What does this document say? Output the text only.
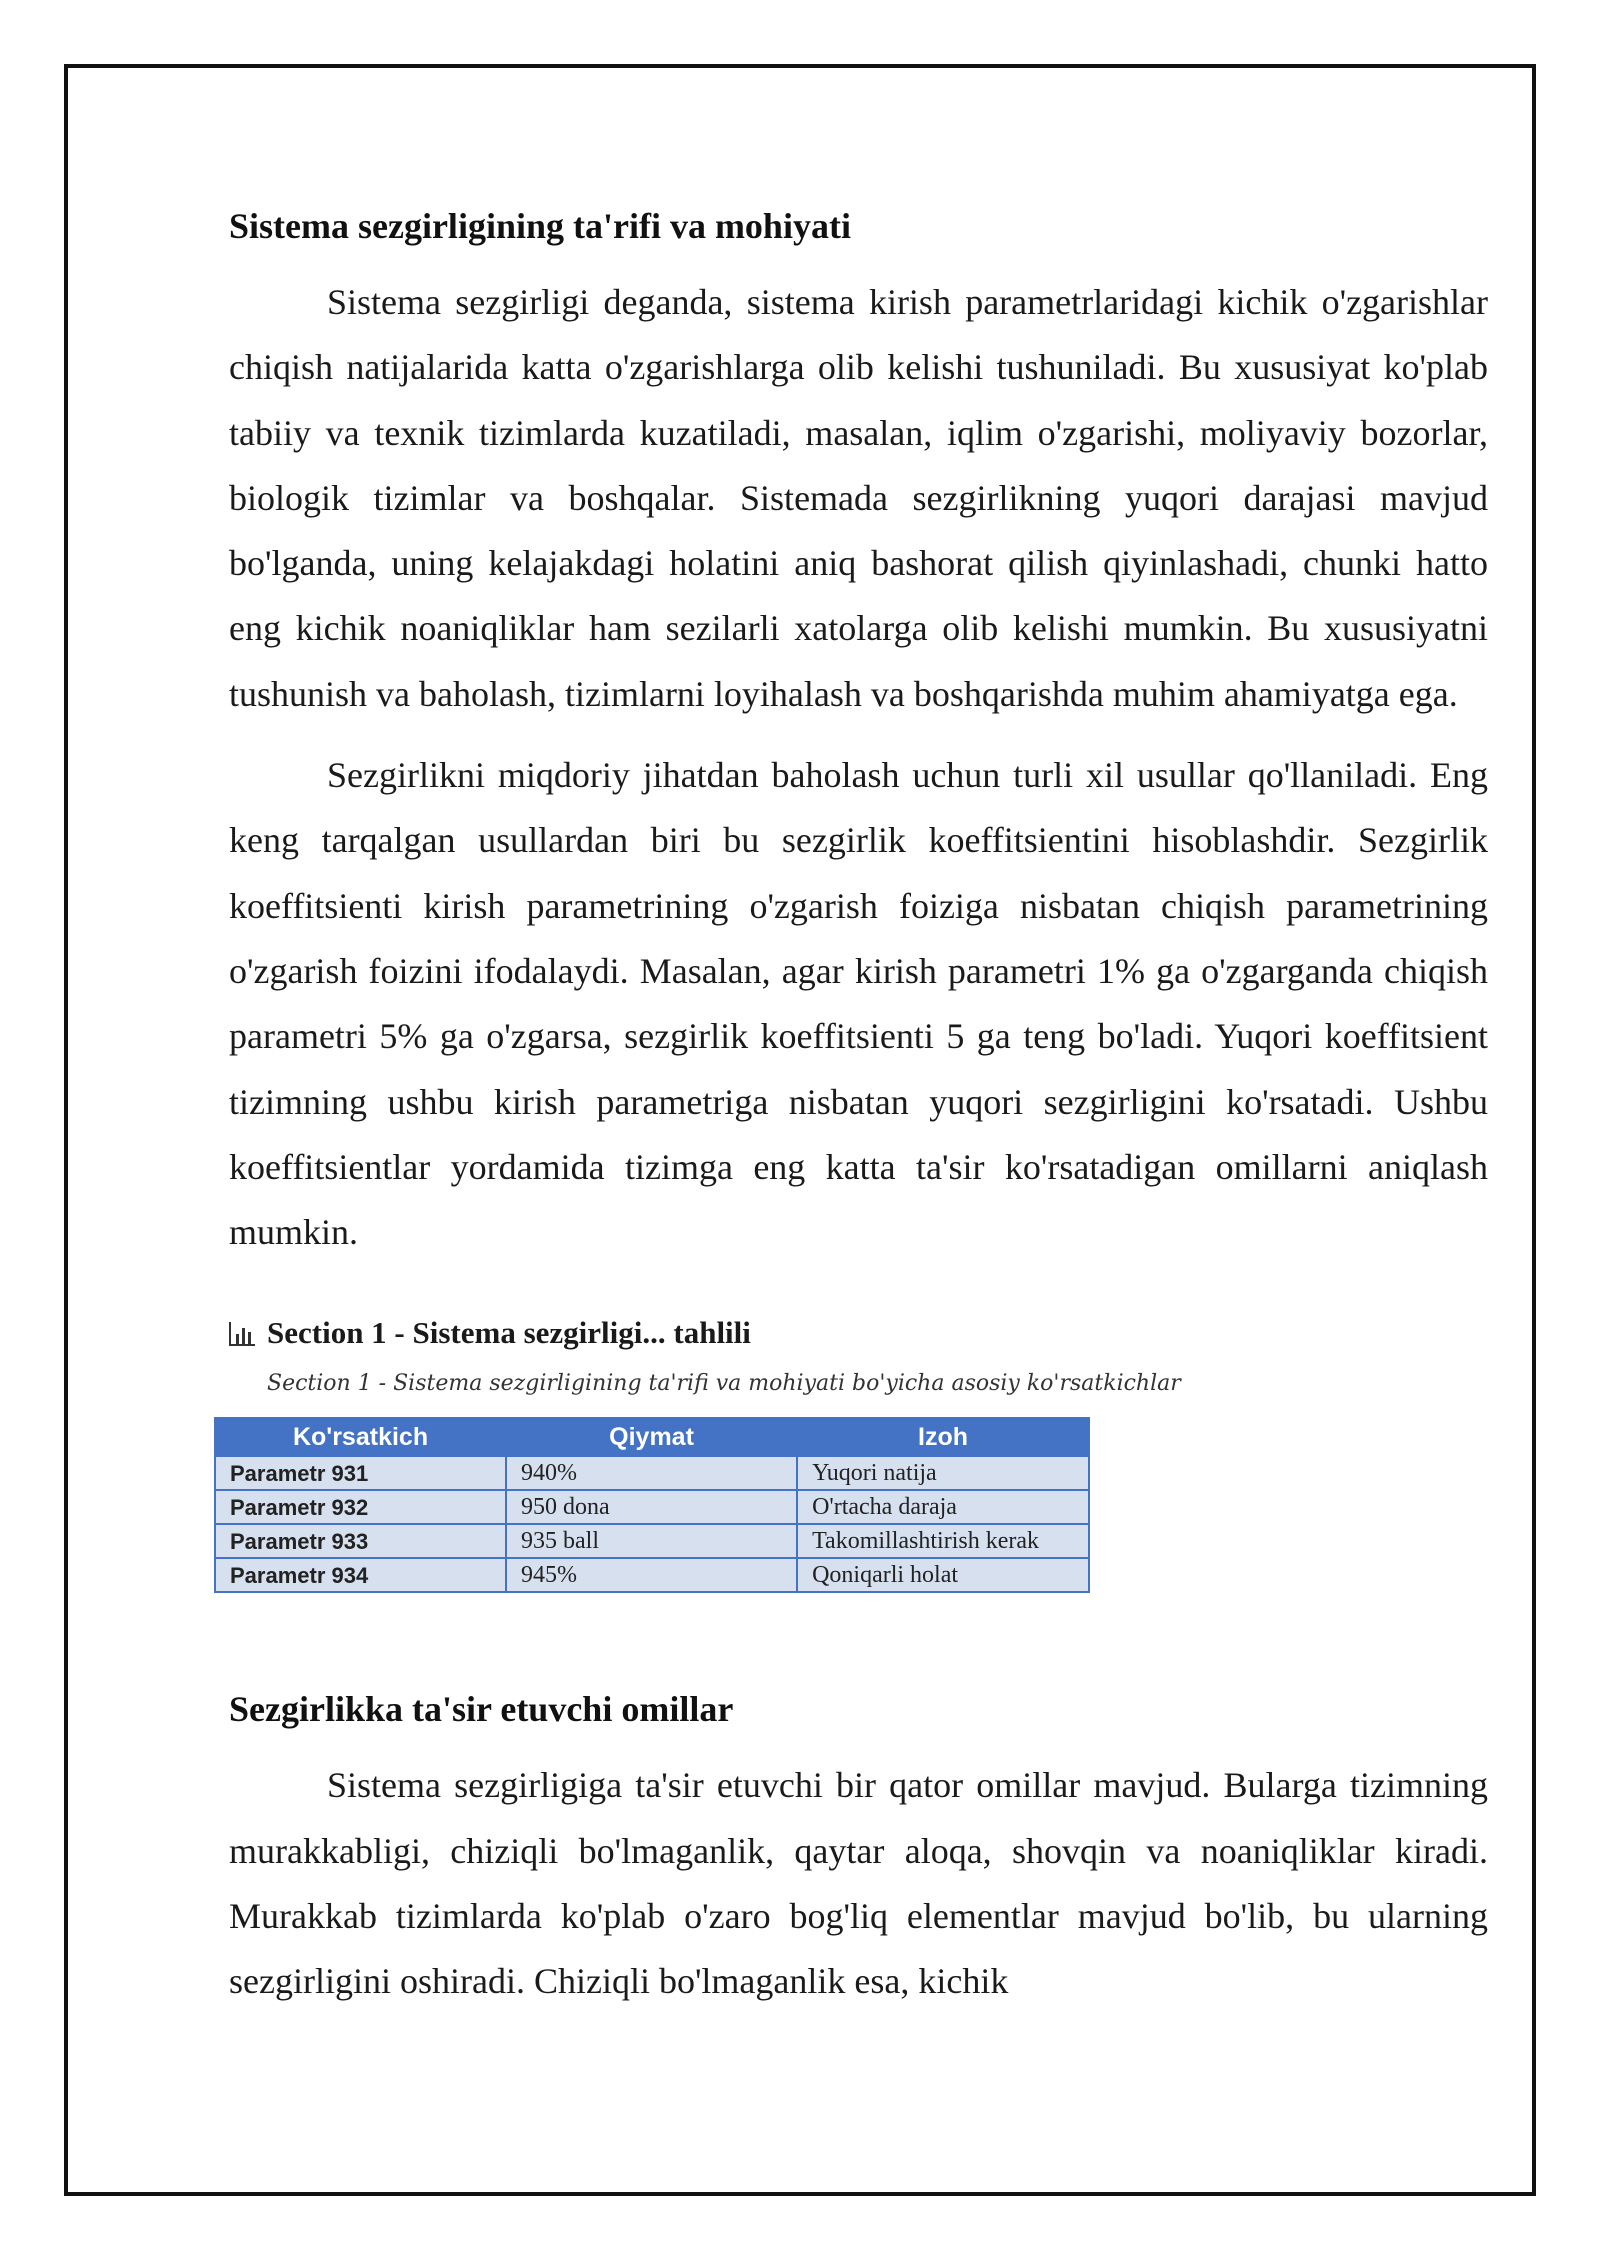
Sistema sezgirligining ta'rifi va mohiyati

Sistema sezgirligi deganda, sistema kirish parametrlaridagi kichik o'zgarishlar chiqish natijalarida katta o'zgarishlarga olib kelishi tushuniladi. Bu xususiyat ko'plab tabiiy va texnik tizimlarda kuzatiladi, masalan, iqlim o'zgarishi, moliyaviy bozorlar, biologik tizimlar va boshqalar. Sistemada sezgirlikning yuqori darajasi mavjud bo'lganda, uning kelajakdagi holatini aniq bashorat qilish qiyinlashadi, chunki hatto eng kichik noaniqliklar ham sezilarli xatolarga olib kelishi mumkin. Bu xususiyatni tushunish va baholash, tizimlarni loyihalash va boshqarishda muhim ahamiyatga ega.

Sezgirlikni miqdoriy jihatdan baholash uchun turli xil usullar qo'llaniladi. Eng keng tarqalgan usullardan biri bu sezgirlik koeffitsientini hisoblashdir. Sezgirlik koeffitsienti kirish parametrining o'zgarish foiziga nisbatan chiqish parametrining o'zgarish foizini ifodalaydi. Masalan, agar kirish parametri 1% ga o'zgarganda chiqish parametri 5% ga o'zgarsa, sezgirlik koeffitsienti 5 ga teng bo'ladi. Yuqori koeffitsient tizimning ushbu kirish parametriga nisbatan yuqori sezgirligini ko'rsatadi. Ushbu koeffitsientlar yordamida tizimga eng katta ta'sir ko'rsatadigan omillarni aniqlash mumkin.

Section 1 - Sistema sezgirligi... tahlili
Section 1 - Sistema sezgirligining ta'rifi va mohiyati bo'yicha asosiy ko'rsatkichlar
Ko'rsatkich	Qiymat	Izoh
Parametr 931	940%	Yuqori natija
Parametr 932	950 dona	O'rtacha daraja
Parametr 933	935 ball	Takomillashtirish kerak
Parametr 934	945%	Qoniqarli holat
Sezgirlikka ta'sir etuvchi omillar

Sistema sezgirligiga ta'sir etuvchi bir qator omillar mavjud. Bularga tizimning murakkabligi, chiziqli bo'lmaganlik, qaytar aloqa, shovqin va noaniqliklar kiradi. Murakkab tizimlarda ko'plab o'zaro bog'liq elementlar mavjud bo'lib, bu ularning sezgirligini oshiradi. Chiziqli bo'lmaganlik esa, kichik
